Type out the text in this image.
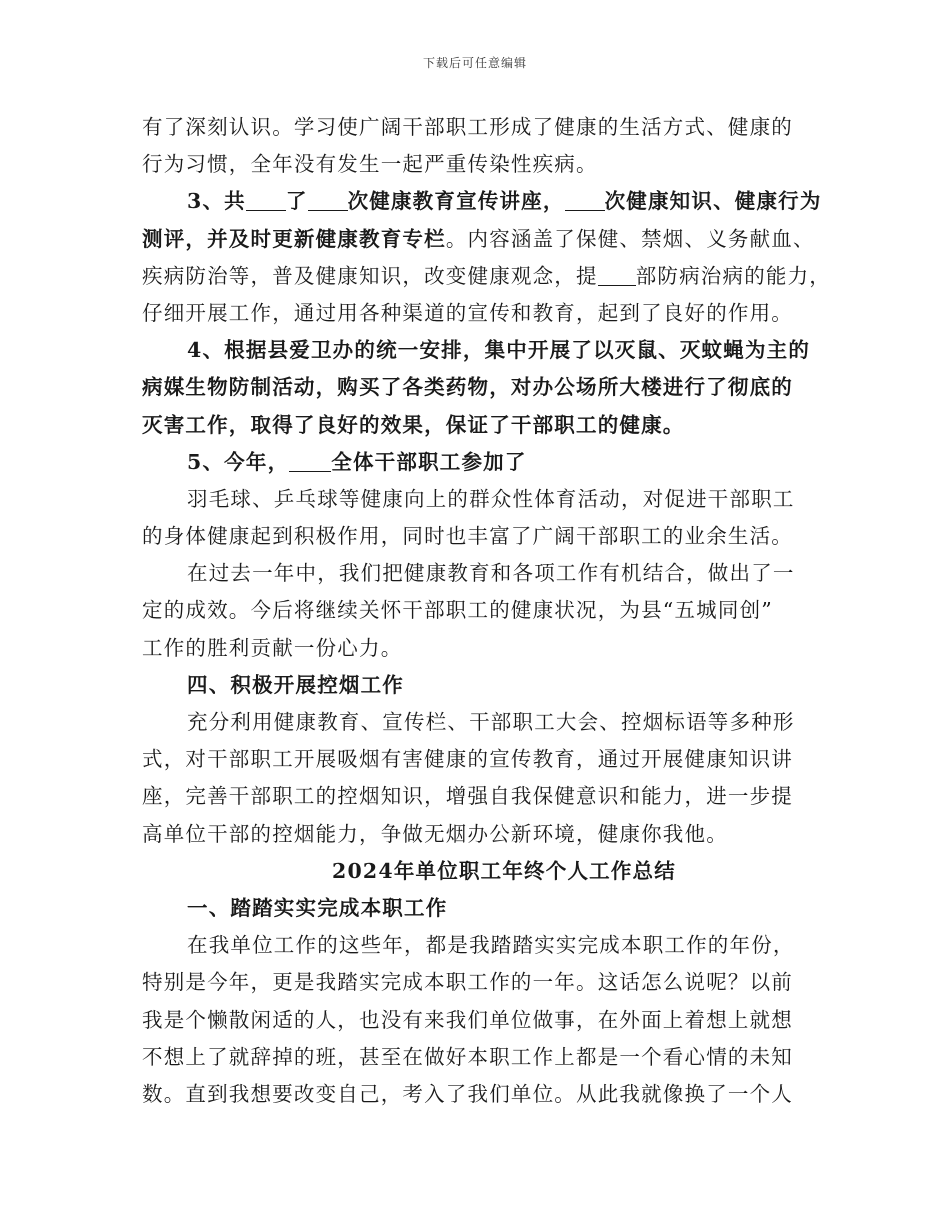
下载后可任意编辑
有了深刻认识。学习使广阔干部职工形成了健康的生活方式、健康的
行为习惯，全年没有发生一起严重传染性疾病。
3、共 了 次健康教育宣传讲座， 次健康知识、健康行为
测评，并及时更新健康教育专栏。内容涵盖了保健、禁烟、义务献血、
疾病防治等，普及健康知识，改变健康观念，提 部防病治病的能力，
仔细开展工作，通过用各种渠道的宣传和教育，起到了良好的作用。
4、根据县爱卫办的统一安排，集中开展了以灭鼠、灭蚊蝇为主的
病媒生物防制活动，购买了各类药物，对办公场所大楼进行了彻底的
灭害工作，取得了良好的效果，保证了干部职工的健康。
5、今年， 全体干部职工参加了
羽毛球、乒乓球等健康向上的群众性体育活动，对促进干部职工
的身体健康起到积极作用，同时也丰富了广阔干部职工的业余生活。
在过去一年中，我们把健康教育和各项工作有机结合，做出了一
定的成效。今后将继续关怀干部职工的健康状况，为县“五城同创”
工作的胜利贡献一份心力。
四、积极开展控烟工作
充分利用健康教育、宣传栏、干部职工大会、控烟标语等多种形
式，对干部职工开展吸烟有害健康的宣传教育，通过开展健康知识讲
座，完善干部职工的控烟知识，增强自我保健意识和能力，进一步提
高单位干部的控烟能力，争做无烟办公新环境，健康你我他。
2024年单位职工年终个人工作总结
一、踏踏实实完成本职工作
在我单位工作的这些年，都是我踏踏实实完成本职工作的年份，
特别是今年，更是我踏实完成本职工作的一年。这话怎么说呢？以前
我是个懒散闲适的人，也没有来我们单位做事，在外面上着想上就想
不想上了就辞掉的班，甚至在做好本职工作上都是一个看心情的未知
数。直到我想要改变自己，考入了我们单位。从此我就像换了一个人
